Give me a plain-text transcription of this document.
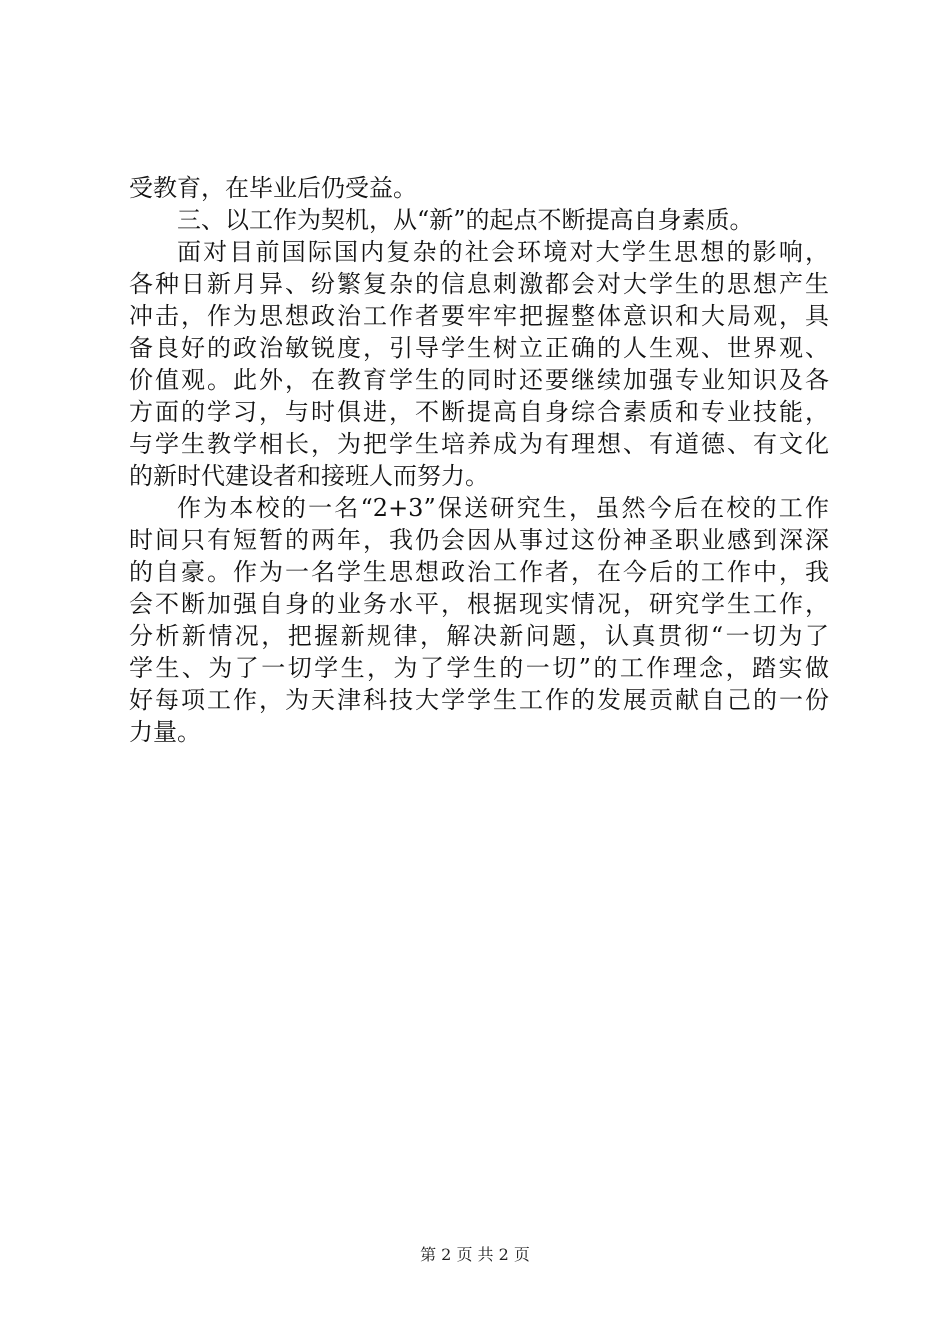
受教育，在毕业后仍受益。
三、以工作为契机，从“新”的起点不断提高自身素质。
面对目前国际国内复杂的社会环境对大学生思想的影响，
各种日新月异、纷繁复杂的信息刺激都会对大学生的思想产生
冲击，作为思想政治工作者要牢牢把握整体意识和大局观，具
备良好的政治敏锐度，引导学生树立正确的人生观、世界观、
价值观。此外，在教育学生的同时还要继续加强专业知识及各
方面的学习，与时俱进，不断提高自身综合素质和专业技能，
与学生教学相长，为把学生培养成为有理想、有道德、有文化
的新时代建设者和接班人而努力。
作为本校的一名“2+3”保送研究生，虽然今后在校的工作
时间只有短暂的两年，我仍会因从事过这份神圣职业感到深深
的自豪。作为一名学生思想政治工作者，在今后的工作中，我
会不断加强自身的业务水平，根据现实情况，研究学生工作，
分析新情况，把握新规律，解决新问题，认真贯彻“一切为了
学生、为了一切学生，为了学生的一切”的工作理念，踏实做
好每项工作，为天津科技大学学生工作的发展贡献自己的一份
力量。
第 2 页 共 2 页
